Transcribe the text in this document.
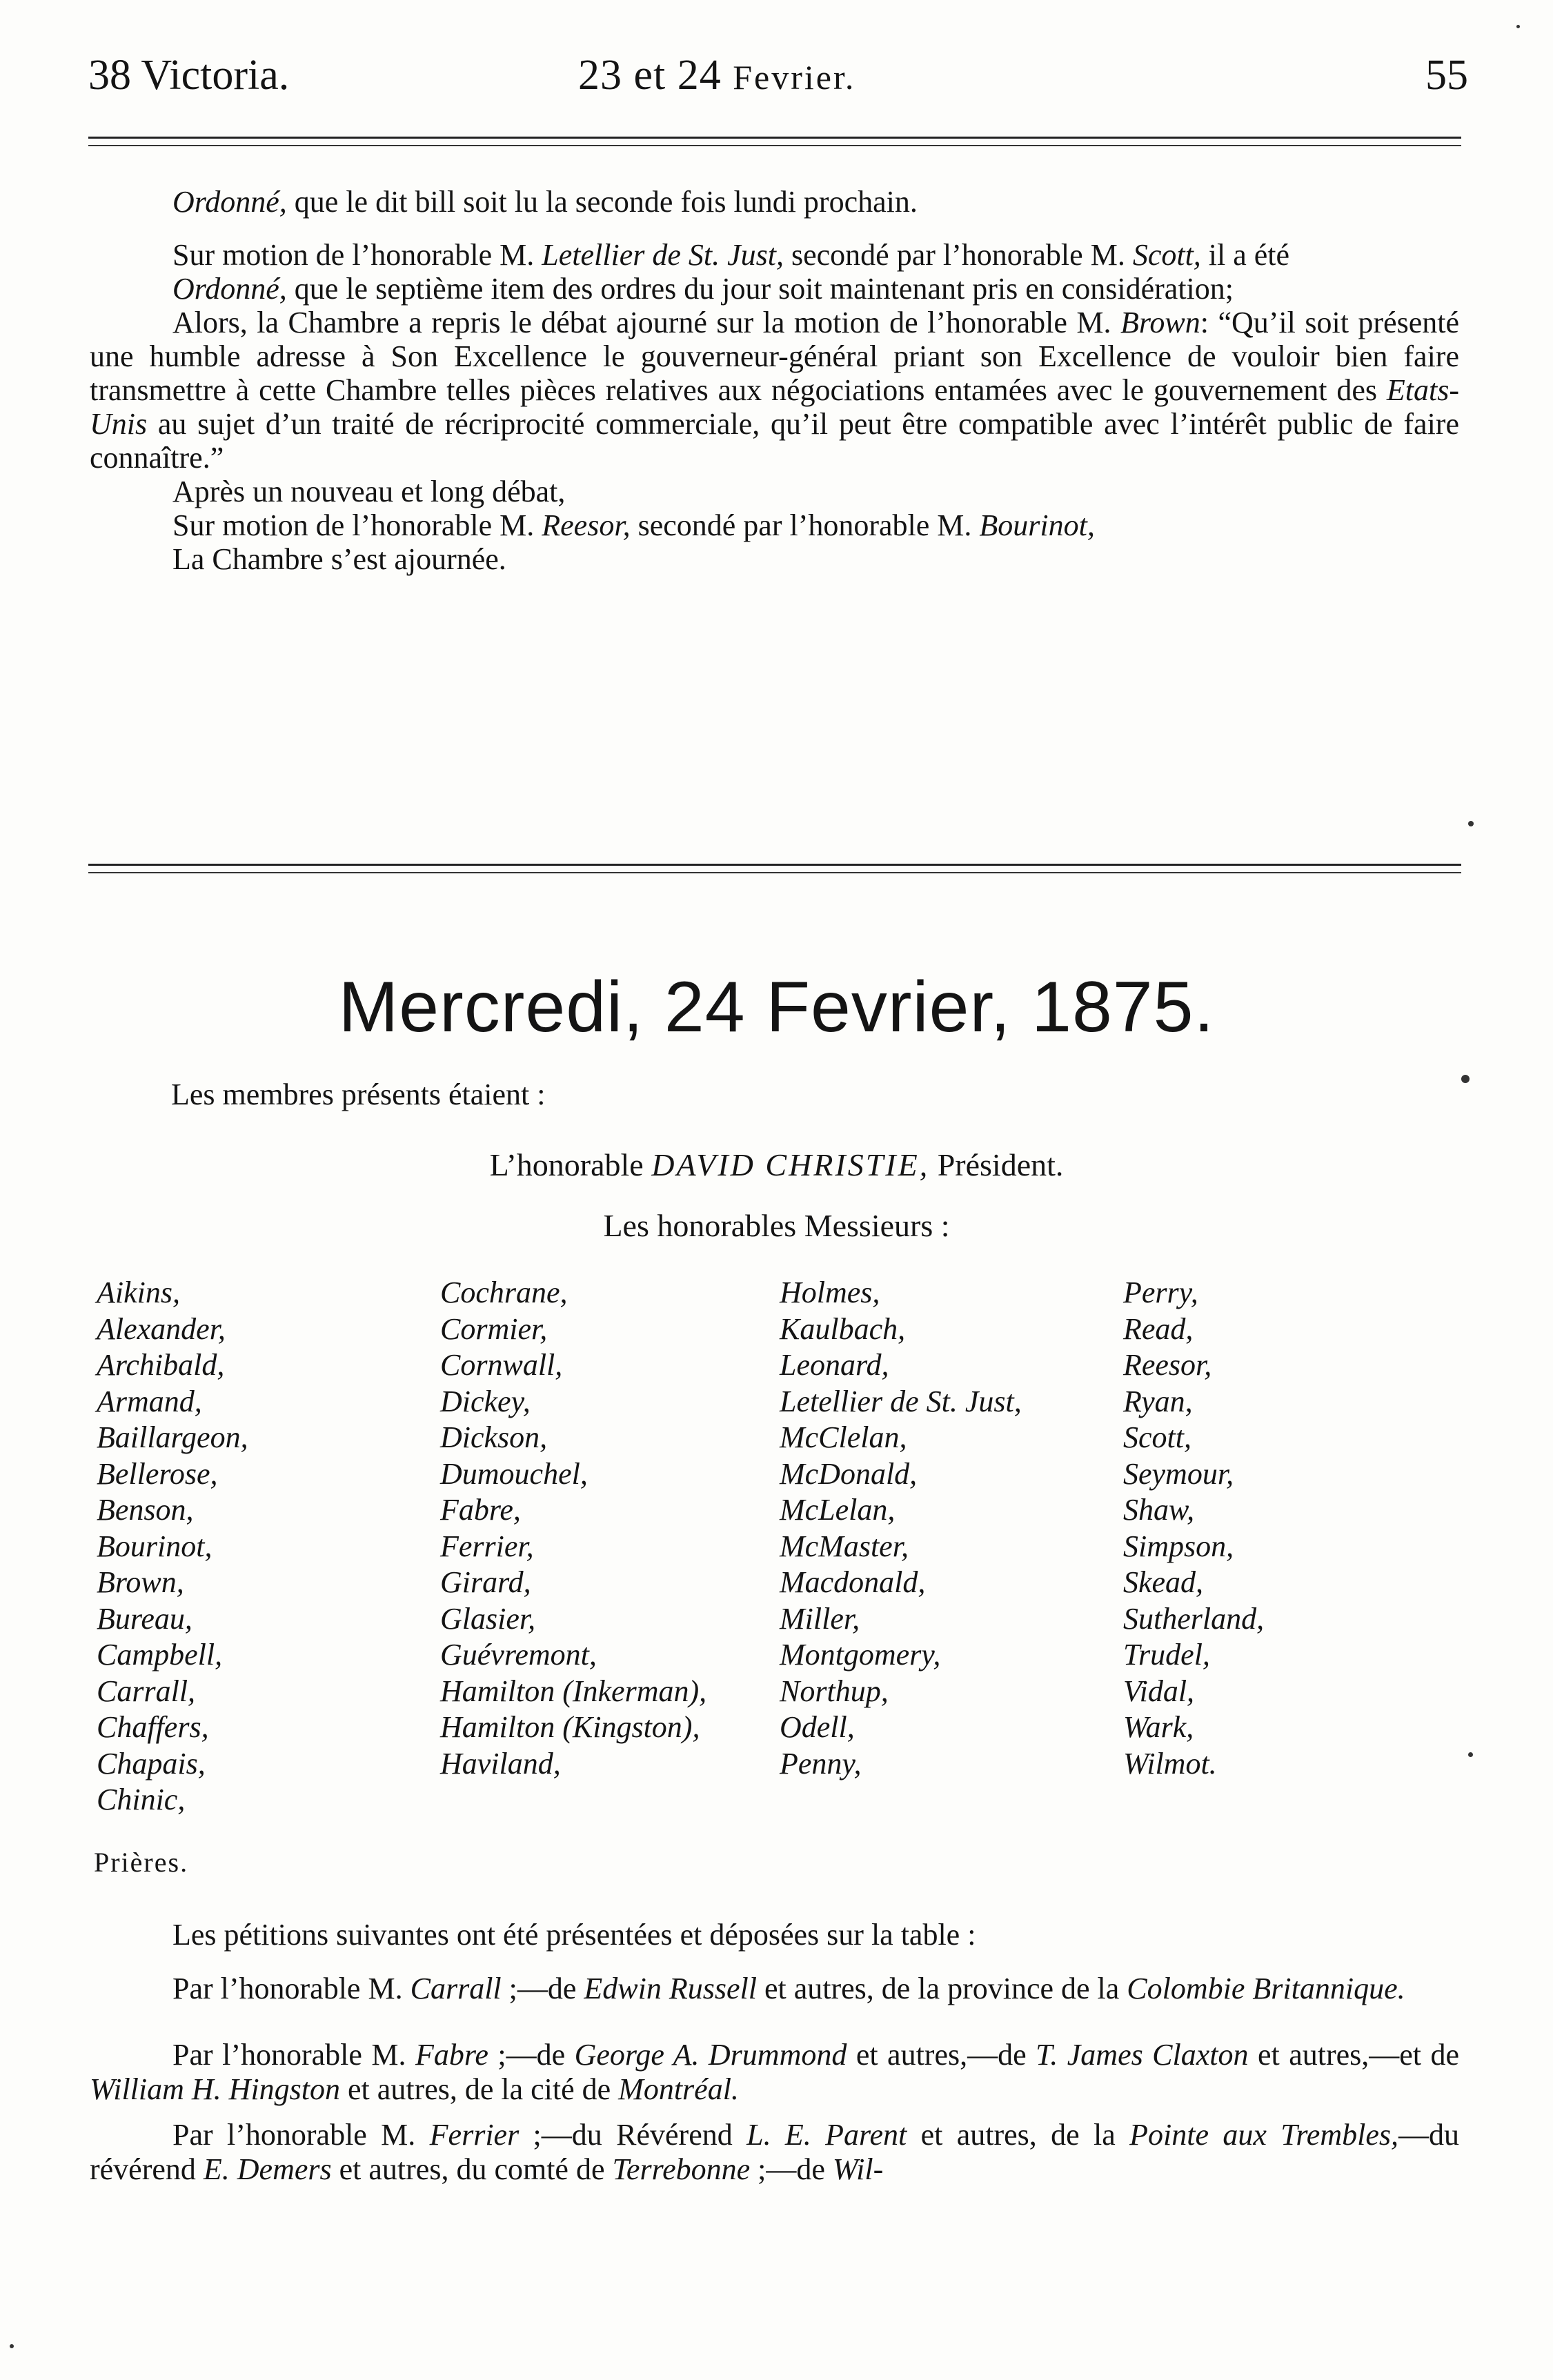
38 Victoria.	23 et 24 Fevrier.	55

Ordonné, que le dit bill soit lu la seconde fois lundi prochain.

Sur motion de l’honorable M. Letellier de St. Just, secondé par l’honorable M. Scott, il a été

Ordonné, que le septième item des ordres du jour soit maintenant pris en considération;

Alors, la Chambre a repris le débat ajourné sur la motion de l’honorable M. Brown: “Qu’il soit présenté une humble adresse à Son Excellence le gouverneur-général priant son Excellence de vouloir bien faire transmettre à cette Chambre telles pièces relatives aux négociations entamées avec le gouvernement des Etats-Unis au sujet d’un traité de récriprocité commerciale, qu’il peut être compatible avec l’intérêt public de faire connaître.”

Après un nouveau et long débat,

Sur motion de l’honorable M. Reesor, secondé par l’honorable M. Bourinot,

La Chambre s’est ajournée.

Mercredi, 24 Fevrier, 1875.
Les membres présents étaient :
L’honorable DAVID CHRISTIE, Président.
Les honorables Messieurs :
Aikins,
Alexander,
Archibald,
Armand,
Baillargeon,
Bellerose,
Benson,
Bourinot,
Brown,
Bureau,
Campbell,
Carrall,
Chaffers,
Chapais,
Chinic,
Cochrane,
Cormier,
Cornwall,
Dickey,
Dickson,
Dumouchel,
Fabre,
Ferrier,
Girard,
Glasier,
Guévremont,
Hamilton (Inkerman),
Hamilton (Kingston),
Haviland,
Holmes,
Kaulbach,
Leonard,
Letellier de St. Just,
McClelan,
McDonald,
McLelan,
McMaster,
Macdonald,
Miller,
Montgomery,
Northup,
Odell,
Penny,
Perry,
Read,
Reesor,
Ryan,
Scott,
Seymour,
Shaw,
Simpson,
Skead,
Sutherland,
Trudel,
Vidal,
Wark,
Wilmot.
Prières.

Les pétitions suivantes ont été présentées et déposées sur la table :

Par l’honorable M. Carrall ;—de Edwin Russell et autres, de la province de la Colombie Britannique.

Par l’honorable M. Fabre ;—de George A. Drummond et autres,—de T. James Claxton et autres,—et de William H. Hingston et autres, de la cité de Montréal.

Par l’honorable M. Ferrier ;—du Révérend L. E. Parent et autres, de la Pointe aux Trembles,—du révérend E. Demers et autres, du comté de Terrebonne ;—de Wil-
